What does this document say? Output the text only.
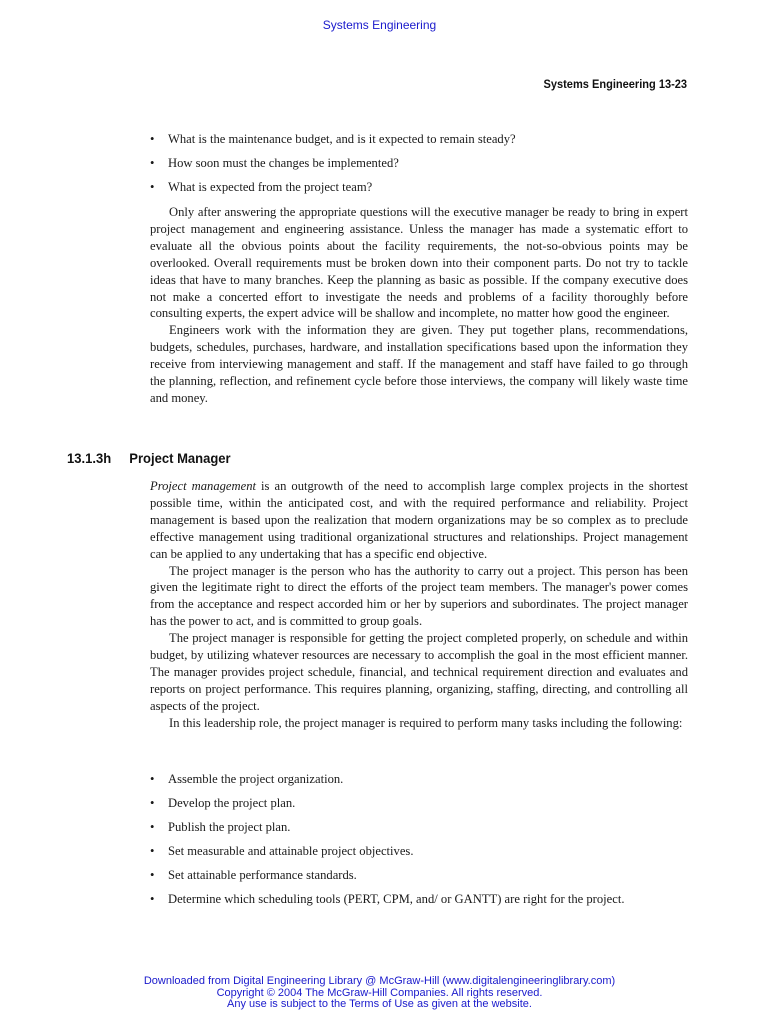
Systems Engineering
Systems Engineering 13-23
• What is the maintenance budget, and is it expected to remain steady?
• How soon must the changes be implemented?
• What is expected from the project team?

Only after answering the appropriate questions will the executive manager be ready to bring in expert project management and engineering assistance. Unless the manager has made a systematic effort to evaluate all the obvious points about the facility requirements, the not-so-obvious points may be overlooked. Overall requirements must be broken down into their component parts. Do not try to tackle ideas that have to many branches. Keep the planning as basic as possible. If the company executive does not make a concerted effort to investigate the needs and problems of a facility thoroughly before consulting experts, the expert advice will be shallow and incomplete, no matter how good the engineer.

Engineers work with the information they are given. They put together plans, recommendations, budgets, schedules, purchases, hardware, and installation specifications based upon the information they receive from interviewing management and staff. If the management and staff have failed to go through the planning, reflection, and refinement cycle before those interviews, the company will likely waste time and money.

13.1.3h Project Manager

Project management is an outgrowth of the need to accomplish large complex projects in the shortest possible time, within the anticipated cost, and with the required performance and reliability. Project management is based upon the realization that modern organizations may be so complex as to preclude effective management using traditional organizational structures and relationships. Project management can be applied to any undertaking that has a specific end objective.

The project manager is the person who has the authority to carry out a project. This person has been given the legitimate right to direct the efforts of the project team members. The manager's power comes from the acceptance and respect accorded him or her by superiors and subordinates. The project manager has the power to act, and is committed to group goals.

The project manager is responsible for getting the project completed properly, on schedule and within budget, by utilizing whatever resources are necessary to accomplish the goal in the most efficient manner. The manager provides project schedule, financial, and technical requirement direction and evaluates and reports on project performance. This requires planning, organizing, staffing, directing, and controlling all aspects of the project.

In this leadership role, the project manager is required to perform many tasks including the following:

• Assemble the project organization.
• Develop the project plan.
• Publish the project plan.
• Set measurable and attainable project objectives.
• Set attainable performance standards.
• Determine which scheduling tools (PERT, CPM, and/ or GANTT) are right for the project.
Downloaded from Digital Engineering Library @ McGraw-Hill (www.digitalengineeringlibrary.com)
Copyright © 2004 The McGraw-Hill Companies. All rights reserved.
Any use is subject to the Terms of Use as given at the website.
